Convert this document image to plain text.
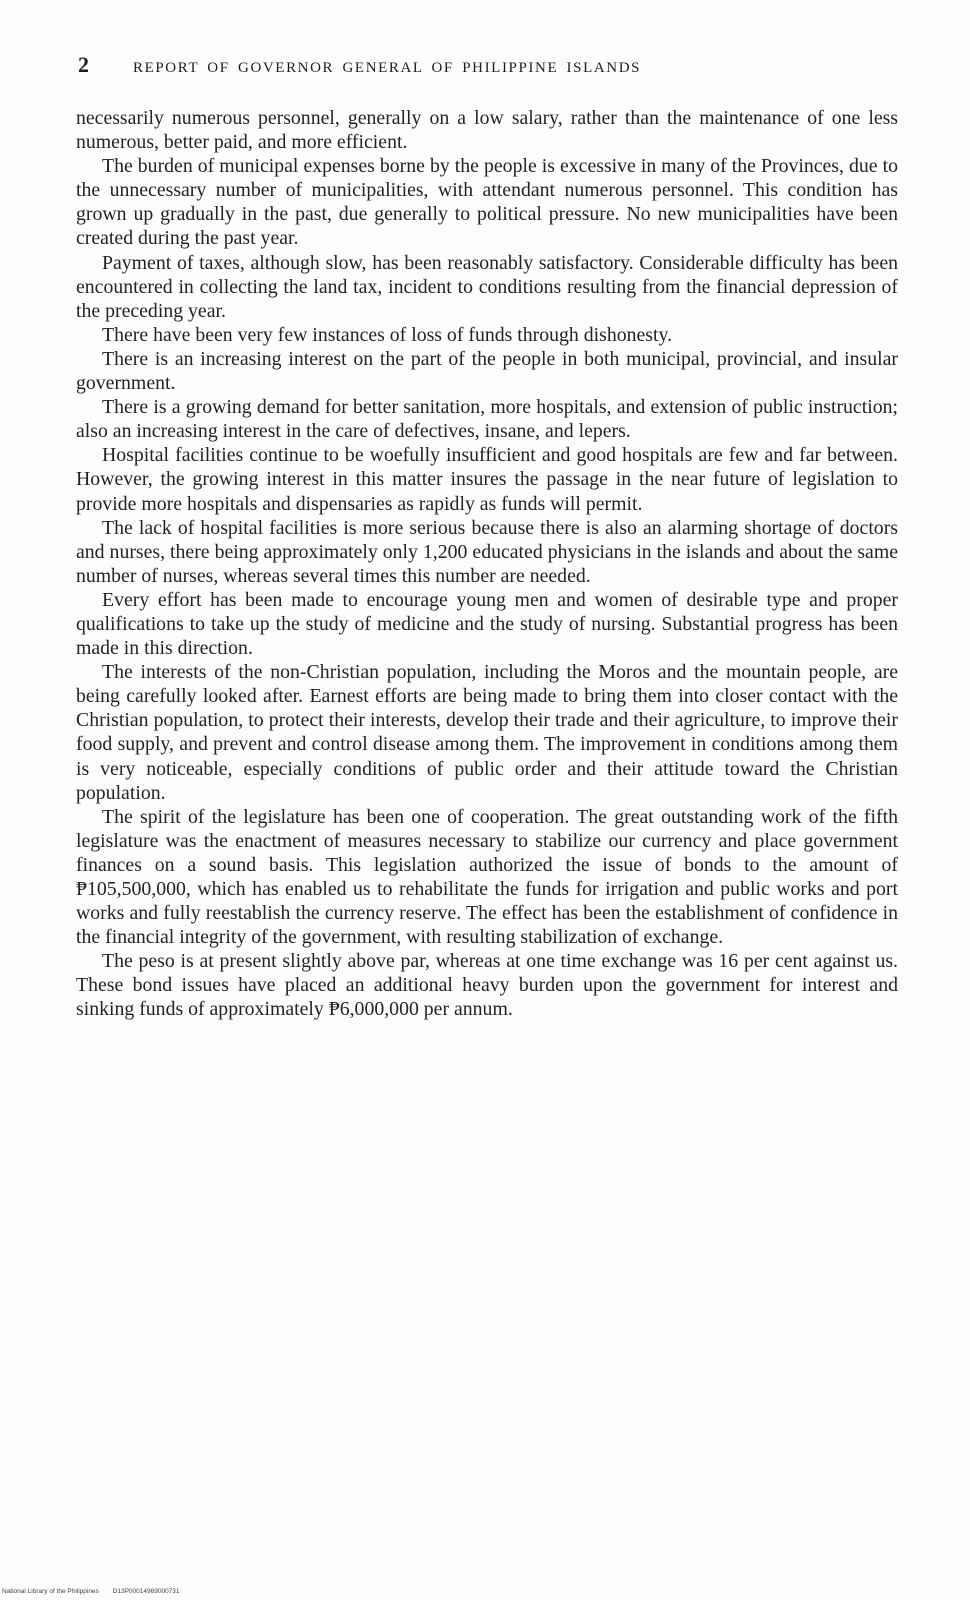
2	REPORT OF GOVERNOR GENERAL OF PHILIPPINE ISLANDS

necessarily numerous personnel, generally on a low salary, rather than the maintenance of one less numerous, better paid, and more efficient.

The burden of municipal expenses borne by the people is excessive in many of the Provinces, due to the unnecessary number of municipalities, with attendant numerous personnel. This condition has grown up gradually in the past, due generally to political pressure. No new municipalities have been created during the past year.

Payment of taxes, although slow, has been reasonably satisfactory. Considerable difficulty has been encountered in collecting the land tax, incident to conditions resulting from the financial depression of the preceding year.

There have been very few instances of loss of funds through dishonesty.

There is an increasing interest on the part of the people in both municipal, provincial, and insular government.

There is a growing demand for better sanitation, more hospitals, and extension of public instruction; also an increasing interest in the care of defectives, insane, and lepers.

Hospital facilities continue to be woefully insufficient and good hospitals are few and far between. However, the growing interest in this matter insures the passage in the near future of legislation to provide more hospitals and dispensaries as rapidly as funds will permit.

The lack of hospital facilities is more serious because there is also an alarming shortage of doctors and nurses, there being approximately only 1,200 educated physicians in the islands and about the same number of nurses, whereas several times this number are needed.

Every effort has been made to encourage young men and women of desirable type and proper qualifications to take up the study of medicine and the study of nursing. Substantial progress has been made in this direction.

The interests of the non-Christian population, including the Moros and the mountain people, are being carefully looked after. Earnest efforts are being made to bring them into closer contact with the Christian population, to protect their interests, develop their trade and their agriculture, to improve their food supply, and prevent and control disease among them. The improvement in conditions among them is very noticeable, especially conditions of public order and their attitude toward the Christian population.

The spirit of the legislature has been one of cooperation. The great outstanding work of the fifth legislature was the enactment of measures necessary to stabilize our currency and place government finances on a sound basis. This legislation authorized the issue of bonds to the amount of ₱105,500,000, which has enabled us to rehabilitate the funds for irrigation and public works and port works and fully reestablish the currency reserve. The effect has been the establishment of confidence in the financial integrity of the government, with resulting stabilization of exchange.

The peso is at present slightly above par, whereas at one time exchange was 16 per cent against us. These bond issues have placed an additional heavy burden upon the government for interest and sinking funds of approximately ₱6,000,000 per annum.

National Library of the Philippines D13P00014969000731
